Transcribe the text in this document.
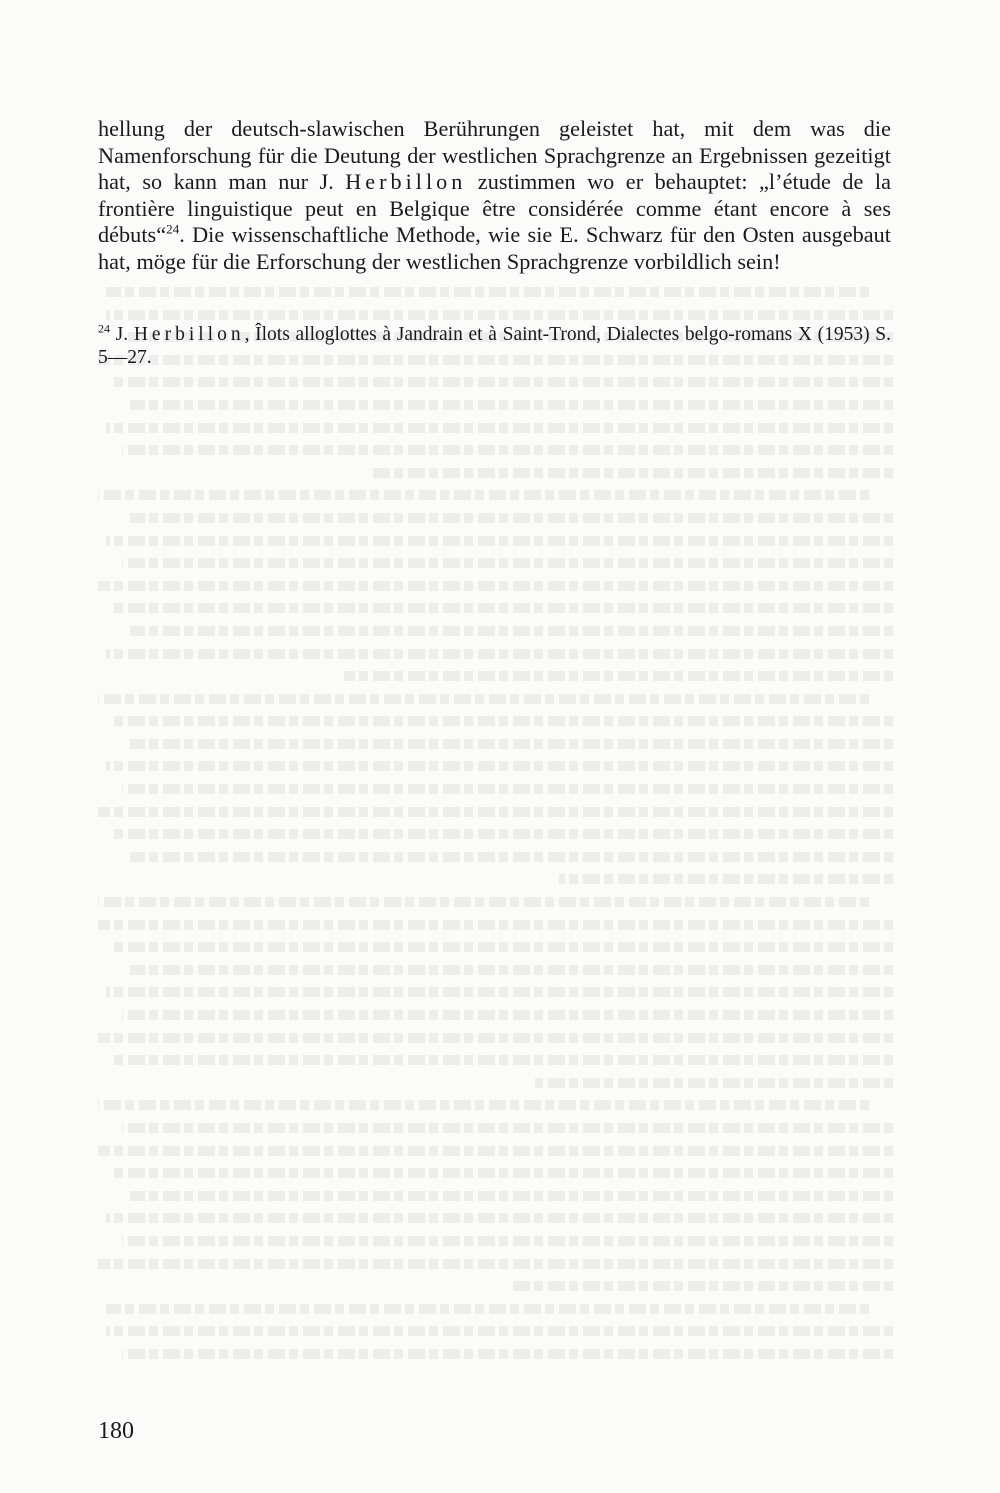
hellung der deutsch-slawischen Berührungen geleistet hat, mit dem was die Namenforschung für die Deutung der westlichen Sprachgrenze an Ergebnissen gezeitigt hat, so kann man nur J. Herbillon zustimmen wo er behauptet: „l’étude de la frontière linguistique peut en Belgique être considérée comme étant encore à ses débuts“$^{24}$. Die wissenschaftliche Methode, wie sie E. Schwarz für den Osten ausgebaut hat, möge für die Erforschung der westlichen Sprachgrenze vorbildlich sein!

$^{24}$ J. Herbillon, Îlots alloglottes à Jandrain et à Saint-Trond, Dialectes belgo-romans X (1953) S. 5—27.

180
